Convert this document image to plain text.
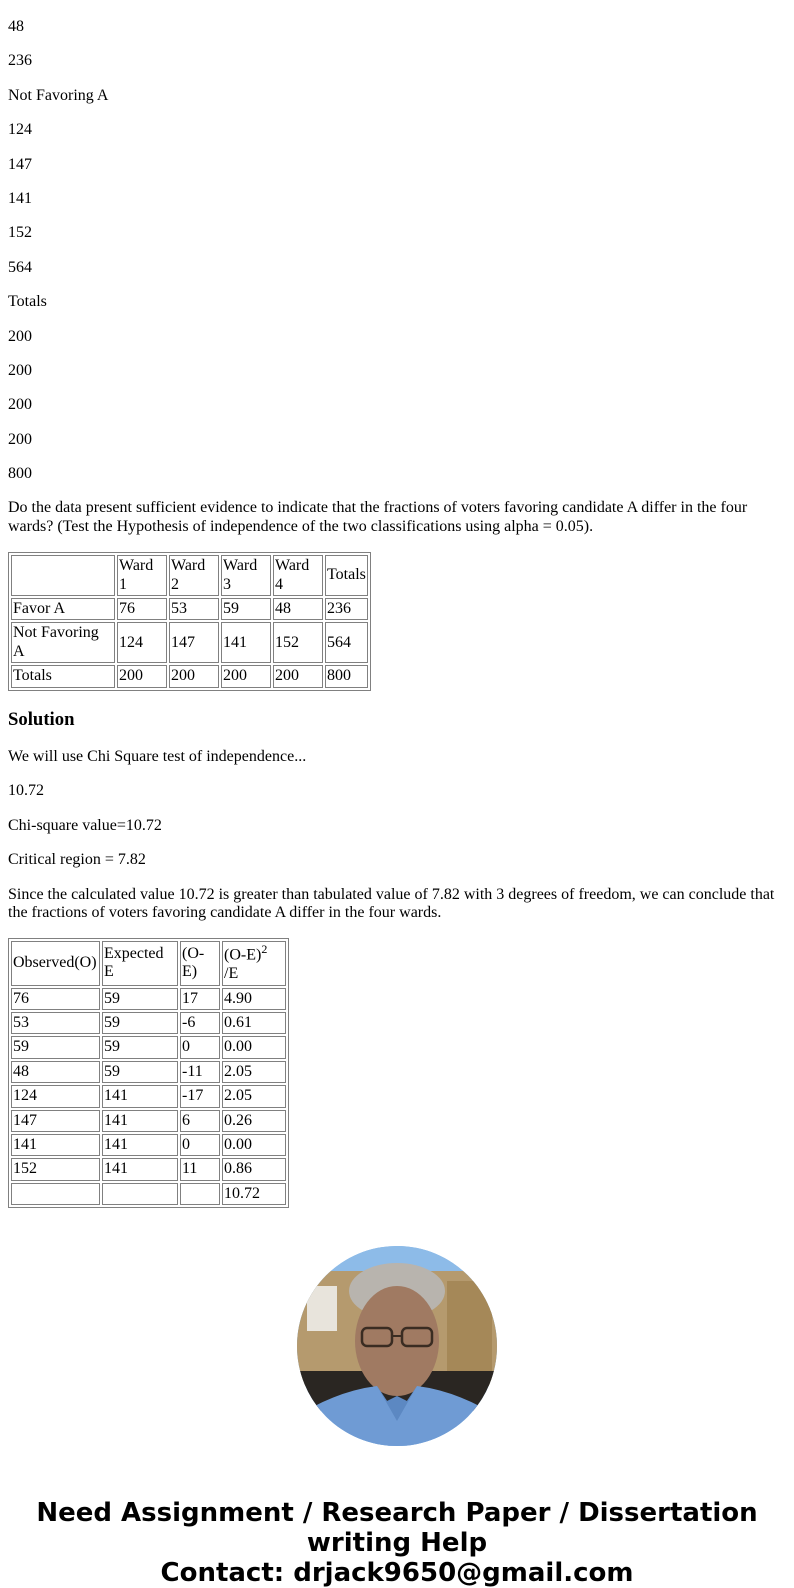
48

236

Not Favoring A

124

147

141

152

564

Totals

200

200

200

200

800

Do the data present sufficient evidence to indicate that the fractions of voters favoring candidate A differ in the four wards? (Test the Hypothesis of independence of the two classifications using alpha = 0.05).

	Ward 1	Ward 2	Ward 3	Ward 4	Totals
Favor A	76	53	59	48	236
Not Favoring A	124	147	141	152	564
Totals	200	200	200	200	800
Solution

We will use Chi Square test of independence...

10.72

Chi-square value=10.72

Critical region = 7.82

Since the calculated value 10.72 is greater than tabulated value of 7.82 with 3 degrees of freedom, we can conclude that the fractions of voters favoring candidate A differ in the four wards.

Observed(O)	Expected E	(O-E)	$(O-E)^2$ /E
76	59	17	4.90
53	59	-6	0.61
59	59	0	0.00
48	59	-11	2.05
124	141	-17	2.05
147	141	6	0.26
141	141	0	0.00
152	141	11	0.86
			10.72
Need Assignment / Research Paper / Dissertation
writing Help
Contact: drjack9650@gmail.com
